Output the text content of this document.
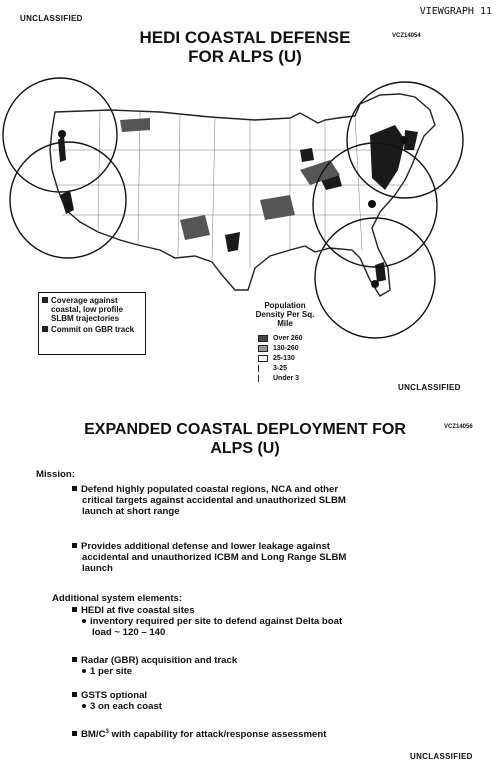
VIEWGRAPH 11
UNCLASSIFIED
HEDI COASTAL DEFENSE
FOR ALPS (U)
VCZ14054
Coverage against coastal, low profile SLBM trajectories
Commit on GBR track
Population Density Per Sq. Mile
Over 260
130-260
25-130
3-25
Under 3
UNCLASSIFIED
EXPANDED COASTAL DEPLOYMENT FOR
ALPS (U)
VCZ14056
Mission:
Defend highly populated coastal regions, NCA and other
critical targets against accidental and unauthorized SLBM
launch at short range
Provides additional defense and lower leakage against
accidental and unauthorized ICBM and Long Range SLBM
launch
Additional system elements:
HEDI at five coastal sites
inventory required per site to defend against Delta boat
load ~ 120 – 140
Radar (GBR) acquisition and track
1 per site
GSTS optional
3 on each coast
$BM/C^3$ with capability for attack/response assessment
UNCLASSIFIED
